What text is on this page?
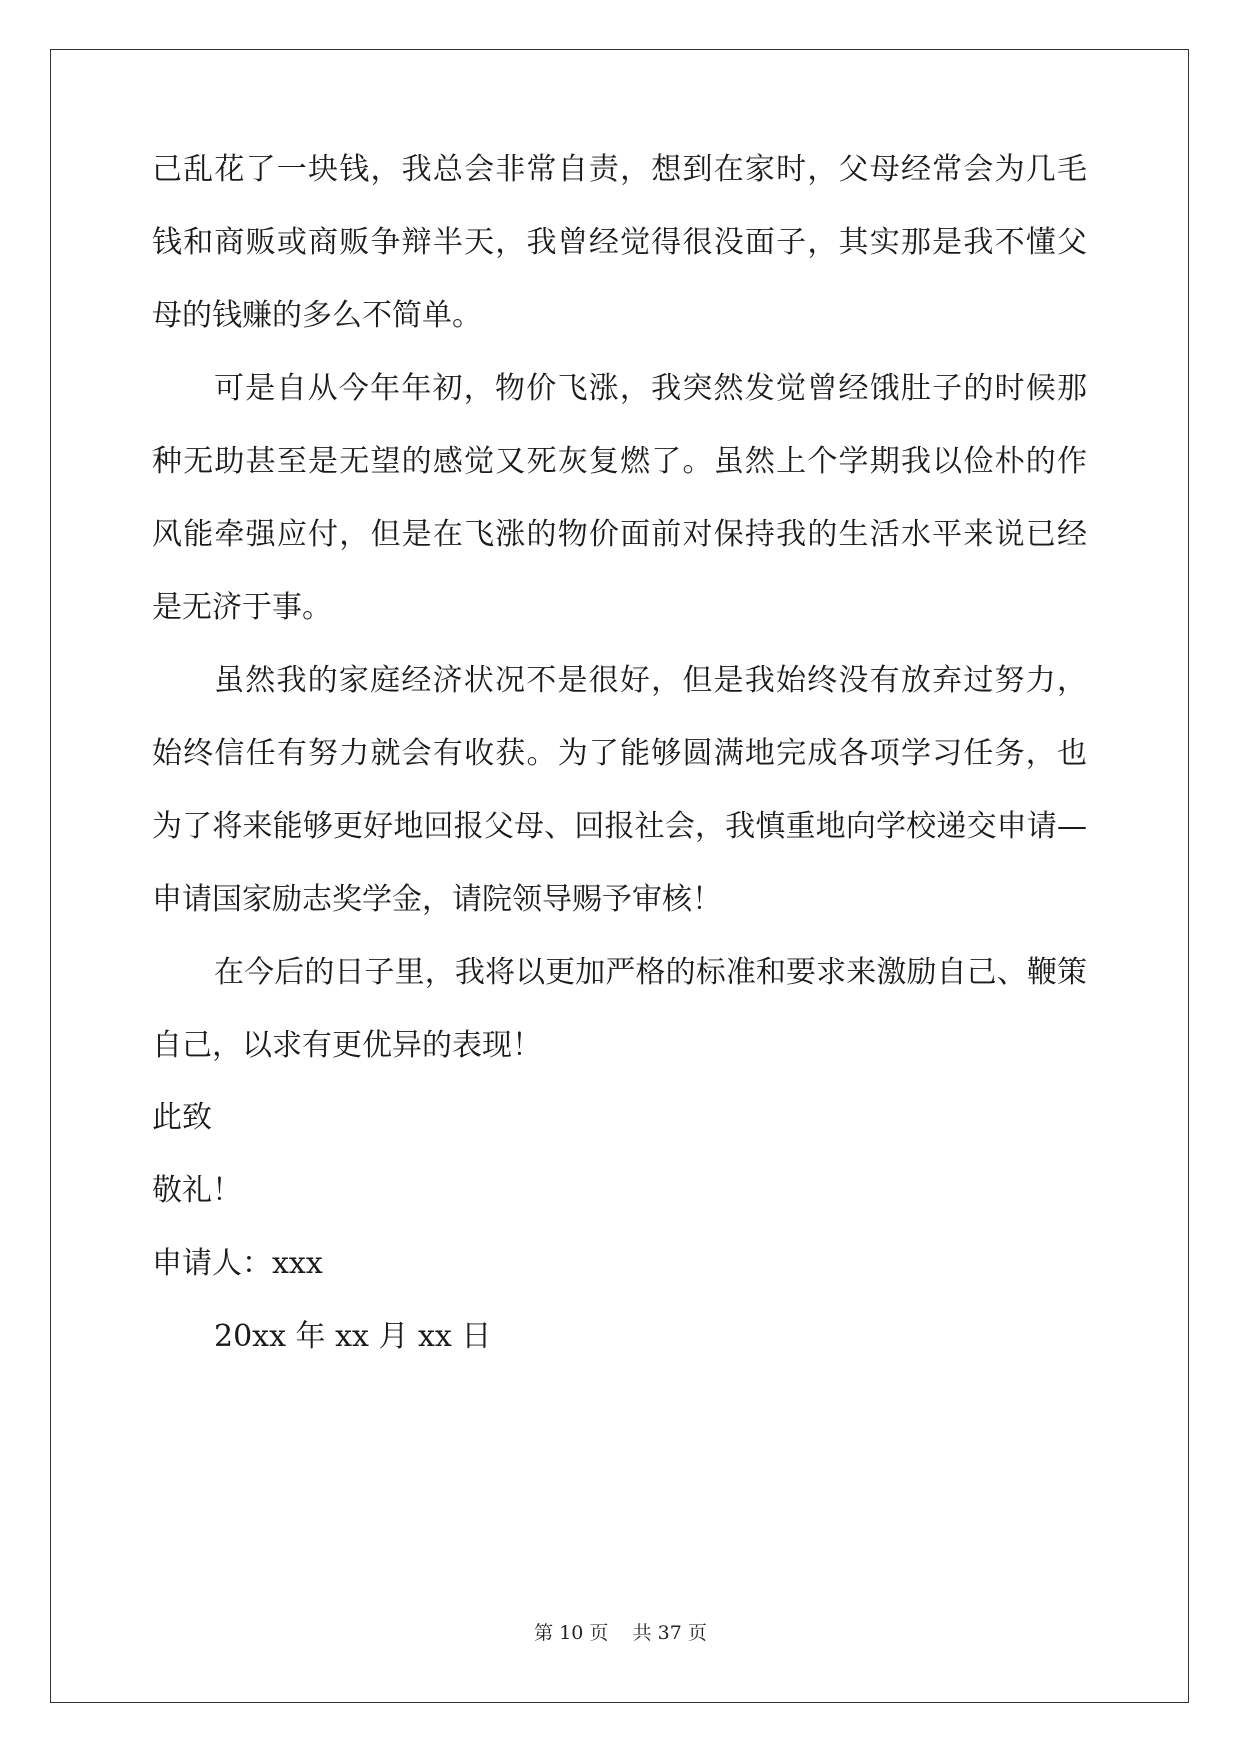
己乱花了一块钱，我总会非常自责，想到在家时，父母经常会为几毛
钱和商贩或商贩争辩半天，我曾经觉得很没面子，其实那是我不懂父
母的钱赚的多么不简单。
可是自从今年年初，物价飞涨，我突然发觉曾经饿肚子的时候那
种无助甚至是无望的感觉又死灰复燃了。虽然上个学期我以俭朴的作
风能牵强应付，但是在飞涨的物价面前对保持我的生活水平来说已经
是无济于事。
虽然我的家庭经济状况不是很好，但是我始终没有放弃过努力，
始终信任有努力就会有收获。为了能够圆满地完成各项学习任务，也
为了将来能够更好地回报父母、回报社会，我慎重地向学校递交申请—
申请国家励志奖学金，请院领导赐予审核！
在今后的日子里，我将以更加严格的标准和要求来激励自己、鞭策
自己，以求有更优异的表现！
此致
敬礼！
申请人：xxx
20xx 年 xx 月 xx 日
第 10 页    共 37 页
